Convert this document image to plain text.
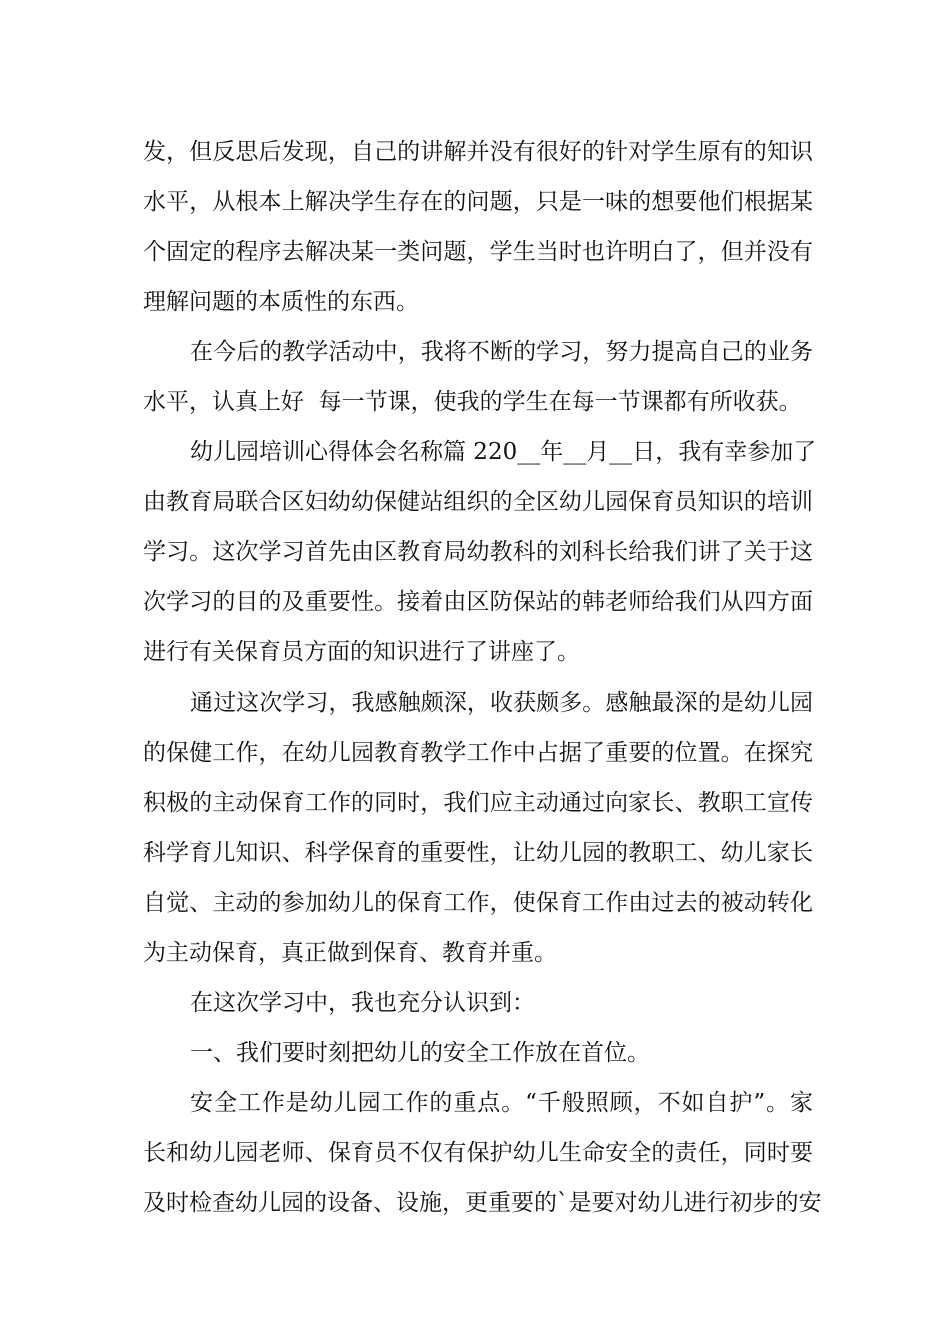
发，但反思后发现，自己的讲解并没有很好的针对学生原有的知识
水平，从根本上解决学生存在的问题，只是一味的想要他们根据某
个固定的程序去解决某一类问题，学生当时也许明白了，但并没有
理解问题的本质性的东西。
在今后的教学活动中，我将不断的学习，努力提高自己的业务
水平，认真上好  每一节课，使我的学生在每一节课都有所收获。
幼儿园培训心得体会名称篇 220__年__月__日，我有幸参加了
由教育局联合区妇幼幼保健站组织的全区幼儿园保育员知识的培训
学习。这次学习首先由区教育局幼教科的刘科长给我们讲了关于这
次学习的目的及重要性。接着由区防保站的韩老师给我们从四方面
进行有关保育员方面的知识进行了讲座了。
通过这次学习，我感触颇深，收获颇多。感触最深的是幼儿园
的保健工作，在幼儿园教育教学工作中占据了重要的位置。在探究
积极的主动保育工作的同时，我们应主动通过向家长、教职工宣传
科学育儿知识、科学保育的重要性，让幼儿园的教职工、幼儿家长
自觉、主动的参加幼儿的保育工作，使保育工作由过去的被动转化
为主动保育，真正做到保育、教育并重。
在这次学习中，我也充分认识到：
一、我们要时刻把幼儿的安全工作放在首位。
安全工作是幼儿园工作的重点。“千般照顾，不如自护”。家
长和幼儿园老师、保育员不仅有保护幼儿生命安全的责任，同时要
及时检查幼儿园的设备、设施，更重要的`是要对幼儿进行初步的安
